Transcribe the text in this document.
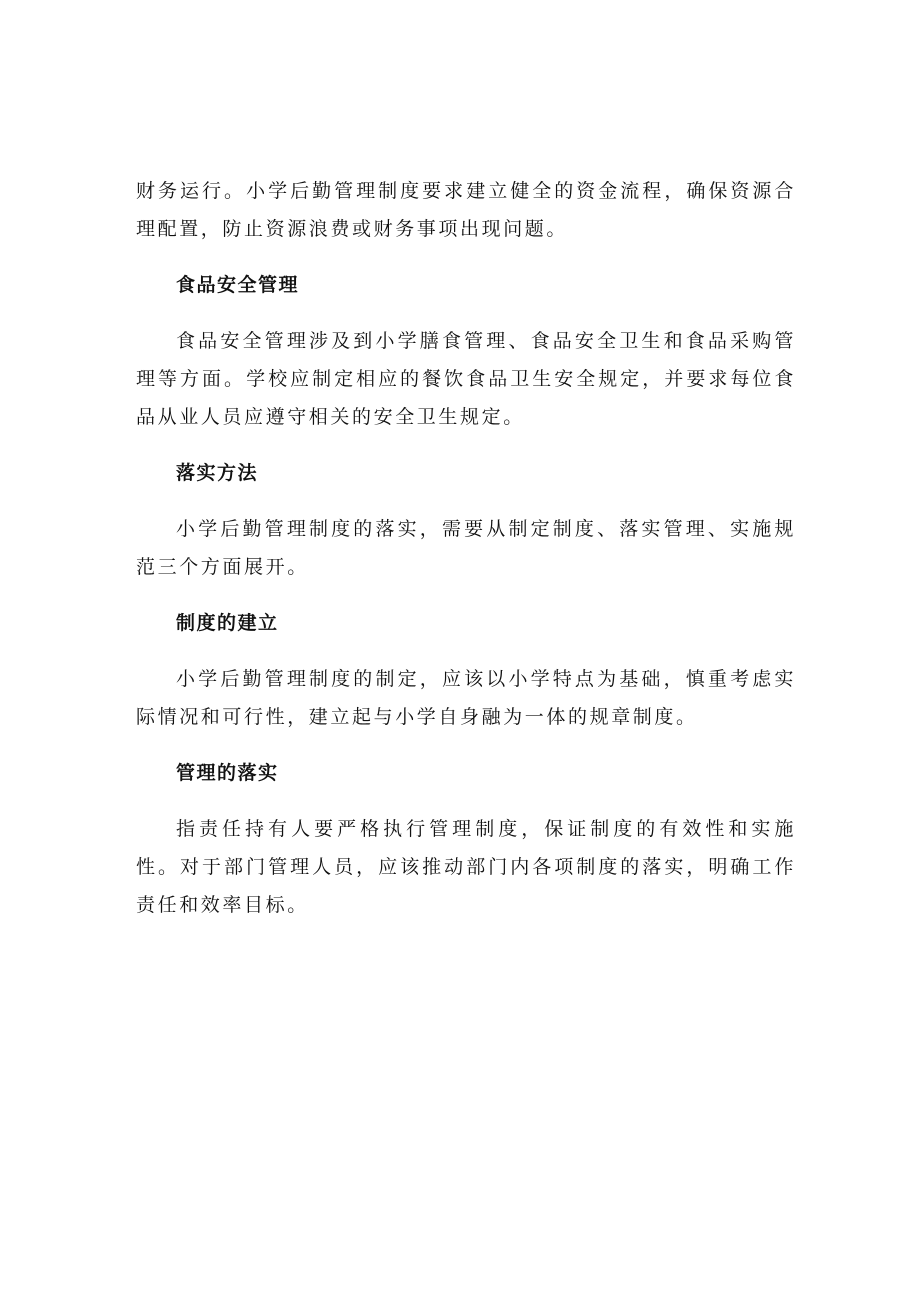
财务运行。小学后勤管理制度要求建立健全的资金流程，确保资源合理配置，防止资源浪费或财务事项出现问题。

食品安全管理

食品安全管理涉及到小学膳食管理、食品安全卫生和食品采购管理等方面。学校应制定相应的餐饮食品卫生安全规定，并要求每位食品从业人员应遵守相关的安全卫生规定。

落实方法

小学后勤管理制度的落实，需要从制定制度、落实管理、实施规范三个方面展开。

制度的建立

小学后勤管理制度的制定，应该以小学特点为基础，慎重考虑实际情况和可行性，建立起与小学自身融为一体的规章制度。

管理的落实

指责任持有人要严格执行管理制度，保证制度的有效性和实施性。对于部门管理人员，应该推动部门内各项制度的落实，明确工作责任和效率目标。
